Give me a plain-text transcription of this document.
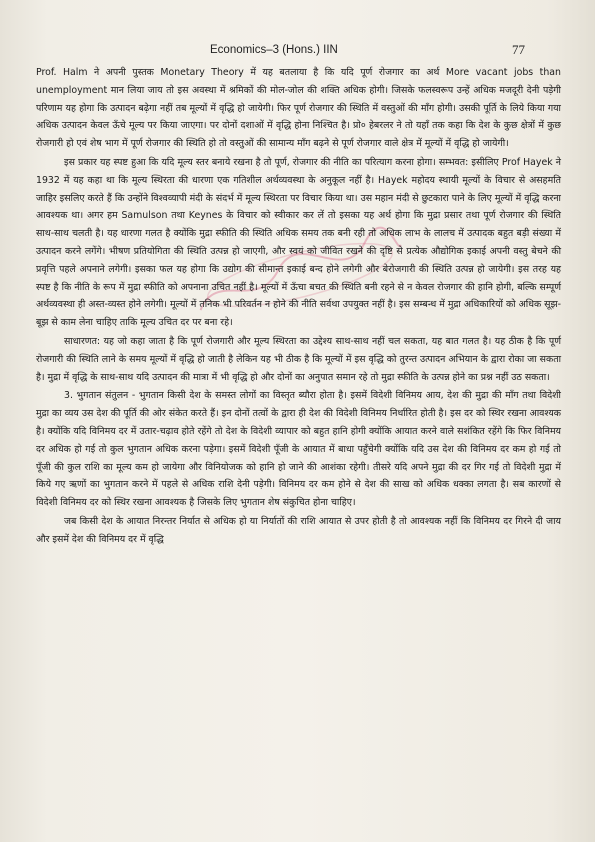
Economics–3 (Hons.) IIN	77

Prof. Halm ने अपनी पुस्तक Monetary Theory में यह बतलाया है कि यदि पूर्ण रोजगार का अर्थ More vacant jobs than unemployment मान लिया जाय तो इस अवस्था में श्रमिकों की मोल-जोल की शक्ति अधिक होगी। जिसके फलस्वरूप उन्हें अधिक मजदूरी देनी पड़ेगी परिणाम यह होगा कि उत्पादन बढ़ेगा नहीं तब मूल्यों में वृद्धि हो जायेगी। फिर पूर्ण रोजगार की स्थिति में वस्तुओं की माँग होगी। उसकी पूर्ति के लिये किया गया अधिक उत्पादन केवल ऊँचे मूल्य पर किया जाएगा। पर दोनों दशाओं में वृद्धि होना निश्चित है। प्रो० हेबरलर ने तो यहाँ तक कहा कि देश के कुछ क्षेत्रों में कुछ रोजगारी हो एवं शेष भाग में पूर्ण रोजगार की स्थिति हो तो वस्तुओं की सामान्य माँग बढ़ने से पूर्ण रोजगार वाले क्षेत्र में मूल्यों में वृद्धि हो जायेगी।

इस प्रकार यह स्पष्ट हुआ कि यदि मूल्य स्तर बनाये रखना है तो पूर्ण, रोजगार की नीति का परित्याग करना होगा। सम्भवत: इसीलिए Prof Hayek ने 1932 में यह कहा था कि मूल्य स्थिरता की धारणा एक गतिशील अर्थव्यवस्था के अनुकूल नहीं है। Hayek महोदय स्थायी मूल्यों के विचार से असहमति जाहिर इसलिए करते हैं कि उन्होंने विश्वव्यापी मंदी के संदर्भ में मूल्य स्थिरता पर विचार किया था। उस महान मंदी से छुटकारा पाने के लिए मूल्यों में वृद्धि करना आवश्यक था। अगर हम Samulson तथा Keynes के विचार को स्वीकार कर लें तो इसका यह अर्थ होगा कि मुद्रा प्रसार तथा पूर्ण रोजगार की स्थिति साथ-साथ चलती है। यह धारणा गलत है क्योंकि मुद्रा स्फीति की स्थिति अधिक समय तक बनी रही तो अधिक लाभ के लालच में उत्पादक बहुत बड़ी संख्या में उत्पादन करने लगेंगे। भीषण प्रतियोगिता की स्थिति उत्पन्न हो जाएगी, और स्वयं को जीवित रखने की दृष्टि से प्रत्येक औद्योगिक इकाई अपनी वस्तु बेचने की प्रवृत्ति पहले अपनाने लगेगी। इसका फल यह होगा कि उद्योग की सीमान्त इकाई बन्द होने लगेगी और बेरोजगारी की स्थिति उत्पन्न हो जायेगी। इस तरह यह स्पष्ट है कि नीति के रूप में मुद्रा स्फीति को अपनाना उचित नहीं है। मूल्यों में ऊँचा बचत की स्थिति बनी रहने से न केवल रोजगार की हानि होगी, बल्कि सम्पूर्ण अर्थव्यवस्था ही अस्त-व्यस्त होने लगेगी। मूल्यों में तनिक भी परिवर्तन न होने की नीति सर्वथा उपयुक्त नहीं है। इस सम्बन्ध में मुद्रा अधिकारियों को अधिक सूझ-बूझ से काम लेना चाहिए ताकि मूल्य उचित दर पर बना रहे।

साधारणत: यह जो कहा जाता है कि पूर्ण रोजगारी और मूल्य स्थिरता का उद्देश्य साथ-साथ नहीं चल सकता, यह बात गलत है। यह ठीक है कि पूर्ण रोजगारी की स्थिति लाने के समय मूल्यों में वृद्धि हो जाती है लेकिन यह भी ठीक है कि मूल्यों में इस वृद्धि को तुरन्त उत्पादन अभियान के द्वारा रोका जा सकता है। मुद्रा में वृद्धि के साथ-साथ यदि उत्पादन की मात्रा में भी वृद्धि हो और दोनों का अनुपात समान रहे तो मुद्रा स्फीति के उत्पन्न होने का प्रश्न नहीं उठ सकता।

3. भुगतान संतुलन - भुगतान किसी देश के समस्त लोगों का विस्तृत ब्यौरा होता है। इसमें विदेशी विनिमय आय, देश की मुद्रा की माँग तथा विदेशी मुद्रा का व्यय उस देश की पूर्ति की ओर संकेत करते हैं। इन दोनों तत्वों के द्वारा ही देश की विदेशी विनिमय निर्धारित होती है। इस दर को स्थिर रखना आवश्यक है। क्योंकि यदि विनिमय दर में उतार-चढ़ाव होते रहेंगे तो देश के विदेशी व्यापार को बहुत हानि होगी क्योंकि आयात करने वाले सशंकित रहेंगे कि फिर विनिमय दर अधिक हो गई तो कुल भुगतान अधिक करना पड़ेगा। इसमें विदेशी पूँजी के आयात में बाधा पहुँचेगी क्योंकि यदि उस देश की विनिमय दर कम हो गई तो पूँजी की कुल राशि का मूल्य कम हो जायेगा और विनियोजक को हानि हो जाने की आशंका रहेगी। तीसरे यदि अपने मुद्रा की दर गिर गई तो विदेशी मुद्रा में किये गए ऋणों का भुगतान करने में पहले से अधिक राशि देनी पड़ेगी। विनिमय दर कम होने से देश की साख को अधिक धक्का लगता है। सब कारणों से विदेशी विनिमय दर को स्थिर रखना आवश्यक है जिसके लिए भुगतान शेष संकुचित होना चाहिए।

जब किसी देश के आयात निरन्तर निर्यात से अधिक हो या निर्यातों की राशि आयात से उपर होती है तो आवश्यक नहीं कि विनिमय दर गिरने दी जाय और इसमें देश की विनिमय दर में वृद्धि
